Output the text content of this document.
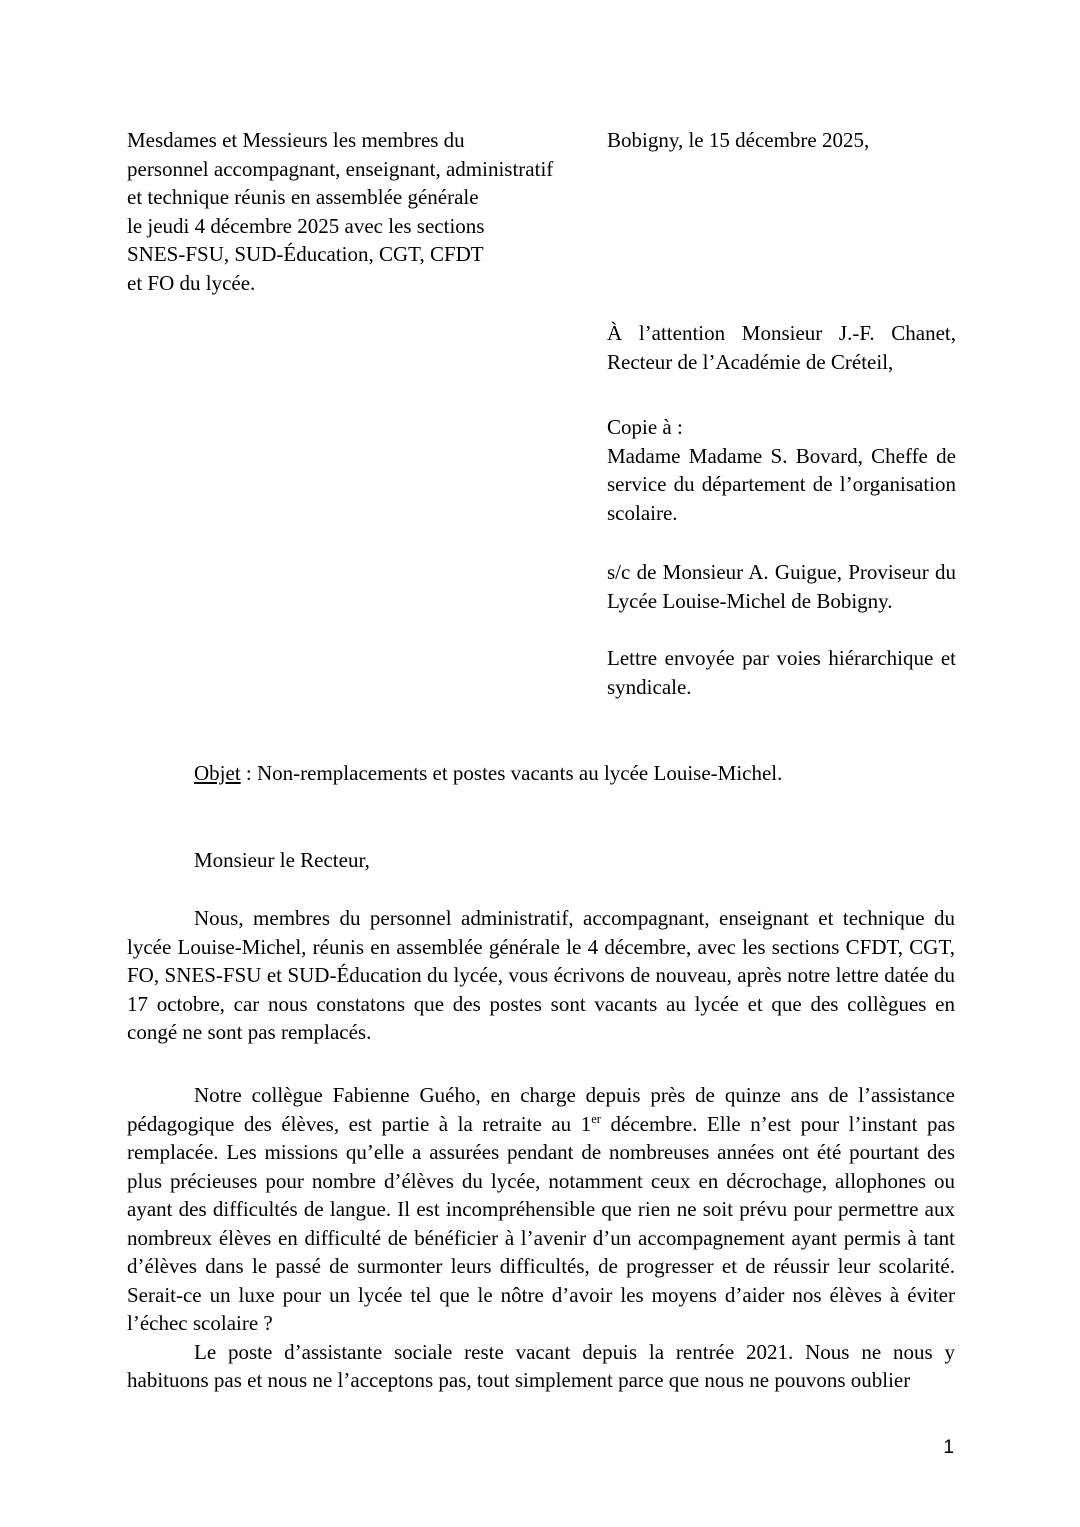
Mesdames et Messieurs les membres du
personnel accompagnant, enseignant, administratif
et technique réunis en assemblée générale
le jeudi 4 décembre 2025 avec les sections
SNES-FSU, SUD-Éducation, CGT, CFDT
et FO du lycée.
Bobigny, le 15 décembre 2025,
À l’attention Monsieur J.-F. Chanet, Recteur de l’Académie de Créteil,
Copie à :
Madame Madame S. Bovard, Cheffe de service du département de l’organisation scolaire.
s/c de Monsieur A. Guigue, Proviseur du Lycée Louise-Michel de Bobigny.
Lettre envoyée par voies hiérarchique et syndicale.
Objet : Non-remplacements et postes vacants au lycée Louise-Michel.
Monsieur le Recteur,

Nous, membres du personnel administratif, accompagnant, enseignant et technique du lycée Louise-Michel, réunis en assemblée générale le 4 décembre, avec les sections CFDT, CGT, FO, SNES-FSU et SUD-Éducation du lycée, vous écrivons de nouveau, après notre lettre datée du 17 octobre, car nous constatons que des postes sont vacants au lycée et que des collègues en congé ne sont pas remplacés.

Notre collègue Fabienne Guého, en charge depuis près de quinze ans de l’assistance pédagogique des élèves, est partie à la retraite au 1er décembre. Elle n’est pour l’instant pas remplacée. Les missions qu’elle a assurées pendant de nombreuses années ont été pourtant des plus précieuses pour nombre d’élèves du lycée, notamment ceux en décrochage, allophones ou ayant des difficultés de langue. Il est incompréhensible que rien ne soit prévu pour permettre aux nombreux élèves en difficulté de bénéficier à l’avenir d’un accompagnement ayant permis à tant d’élèves dans le passé de surmonter leurs difficultés, de progresser et de réussir leur scolarité. Serait-ce un luxe pour un lycée tel que le nôtre d’avoir les moyens d’aider nos élèves à éviter l’échec scolaire ?

Le poste d’assistante sociale reste vacant depuis la rentrée 2021. Nous ne nous y habituons pas et nous ne l’acceptons pas, tout simplement parce que nous ne pouvons oublier

1
